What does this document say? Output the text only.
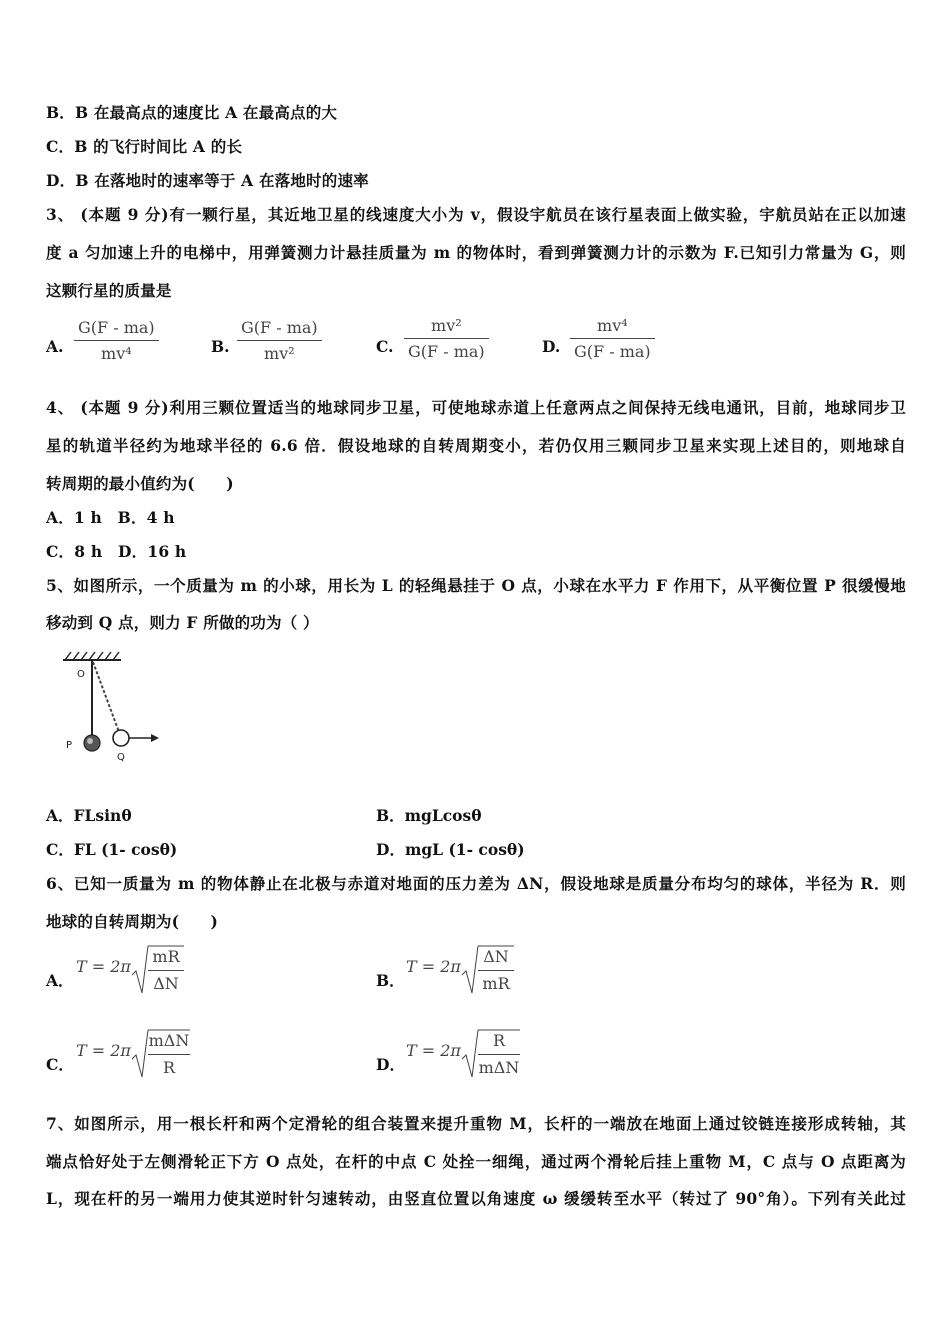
B．B 在最高点的速度比 A 在最高点的大
C．B 的飞行时间比 A 的长
D．B 在落地时的速率等于 A 在落地时的速率
3、 (本题 9 分)有一颗行星，其近地卫星的线速度大小为 v，假设宇航员在该行星表面上做实验，宇航员站在正以加速
度 a 匀加速上升的电梯中，用弹簧测力计悬挂质量为 m 的物体时，看到弹簧测力计的示数为 F.已知引力常量为 G，则
这颗行星的质量是
A. $\frac{G(F - ma)}{\text{mv⁴}}$	B. $\frac{G(F - ma)}{\text{mv²}}$	C. $\frac{\text{mv²}}{G(F - ma)}$	D. $\frac{\text{mv⁴}}{G(F - ma)}$
4、 (本题 9 分)利用三颗位置适当的地球同步卫星，可使地球赤道上任意两点之间保持无线电通讯，目前，地球同步卫
星的轨道半径约为地球半径的 6.6 倍．假设地球的自转周期变小，若仍仅用三颗同步卫星来实现上述目的，则地球自
转周期的最小值约为(　　)
A．1 h　B．4 h
C．8 h　D．16 h
5、如图所示，一个质量为 m 的小球，用长为 L 的轻绳悬挂于 O 点，小球在水平力 F 作用下，从平衡位置 P 很缓慢地
移动到 Q 点，则力 F 所做的功为（ ）
O
P
Q
A．FLsinθ	B．mgLcosθ
C．FL (1- cosθ)	D．mgL (1- cosθ)
6、已知一质量为 m 的物体静止在北极与赤道对地面的压力差为 ΔN，假设地球是质量分布均匀的球体，半径为 R．则
地球的自转周期为(　　)
A．
T = 2π
mR
ΔN	B．
T = 2π
ΔN
mR
C．
T = 2π
mΔN
R	D．
T = 2π
R
mΔN
7、如图所示，用一根长杆和两个定滑轮的组合装置来提升重物 M，长杆的一端放在地面上通过铰链连接形成转轴，其
端点恰好处于左侧滑轮正下方 O 点处，在杆的中点 C 处拴一细绳，通过两个滑轮后挂上重物 M，C 点与 O 点距离为
L，现在杆的另一端用力使其逆时针匀速转动，由竖直位置以角速度 ω 缓缓转至水平（转过了 90°角）。下列有关此过
